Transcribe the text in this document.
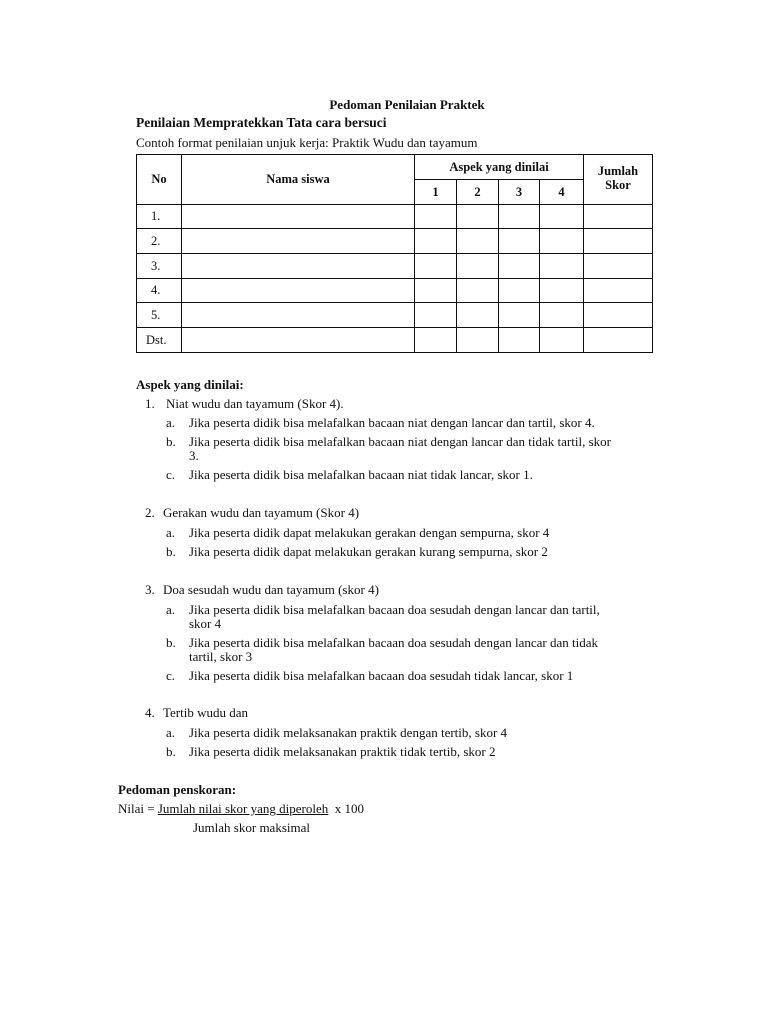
Pedoman Penilaian Praktek
Penilaian Mempratekkan Tata cara bersuci
Contoh format penilaian unjuk kerja: Praktik Wudu dan tayamum
No	Nama siswa	Aspek yang dinilai				Jumlah
Skor
		1	2	3	4	
1.						
2.						
3.						
4.						
5.						
Dst.						
Aspek yang dinilai:
1. Niat wudu dan tayamum (Skor 4).
a. Jika peserta didik bisa melafalkan bacaan niat dengan lancar dan tartil, skor 4.
b. Jika peserta didik bisa melafalkan bacaan niat dengan lancar dan tidak tartil, skor
3.
c. Jika peserta didik bisa melafalkan bacaan niat tidak lancar, skor 1.
2. Gerakan wudu dan tayamum (Skor 4)
a. Jika peserta didik dapat melakukan gerakan dengan sempurna, skor 4
b. Jika peserta didik dapat melakukan gerakan kurang sempurna, skor 2
3. Doa sesudah wudu dan tayamum (skor 4)
a. Jika peserta didik bisa melafalkan bacaan doa sesudah dengan lancar dan tartil,
skor 4
b. Jika peserta didik bisa melafalkan bacaan doa sesudah dengan lancar dan tidak
tartil, skor 3
c. Jika peserta didik bisa melafalkan bacaan doa sesudah tidak lancar, skor 1
4. Tertib wudu dan
a. Jika peserta didik melaksanakan praktik dengan tertib, skor 4
b. Jika peserta didik melaksanakan praktik tidak tertib, skor 2
Pedoman penskoran:
Nilai = Jumlah nilai skor yang diperoleh  x 100
Jumlah skor maksimal
